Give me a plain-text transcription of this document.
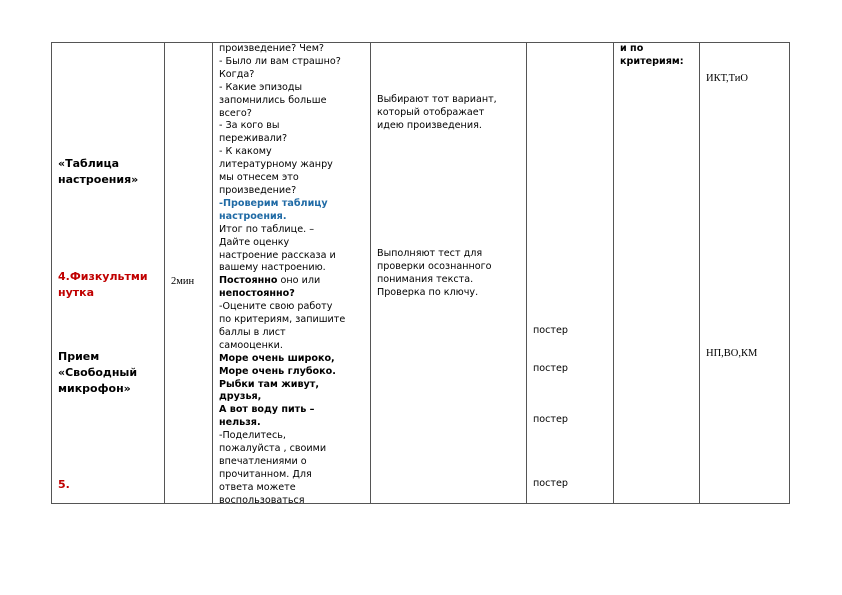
«Таблица
настроения»
4.Физкультми
нутка
Прием
«Свободный
микрофон»
5.
2мин
произведение? Чем?
- Было ли вам страшно?
Когда?
- Какие эпизоды
запомнились больше
всего?
- За кого вы
переживали?
- К какому
литературному жанру
мы отнесем это
произведение?
-Проверим таблицу
настроения.
Итог по таблице. –
Дайте оценку
настроение рассказа и
вашему настроению.
Постоянно оно или
непостоянно?
-Оцените свою работу
по критериям, запишите
баллы в лист
самооценки.
Море очень широко,
Море очень глубоко.
Рыбки там живут,
друзья,
А вот воду пить –
нельзя.
-Поделитесь,
пожалуйста , своими
впечатлениями о
прочитанном. Для
ответа можете
воспользоваться
Выбирают тот вариант,
который отображает
идею произведения.
Выполняют тест для
проверки осознанного
понимания текста.
Проверка по ключу.
постер
постер
постер
постер
и по
критериям:
ИКТ,ТиО
НП,ВО,КМ
